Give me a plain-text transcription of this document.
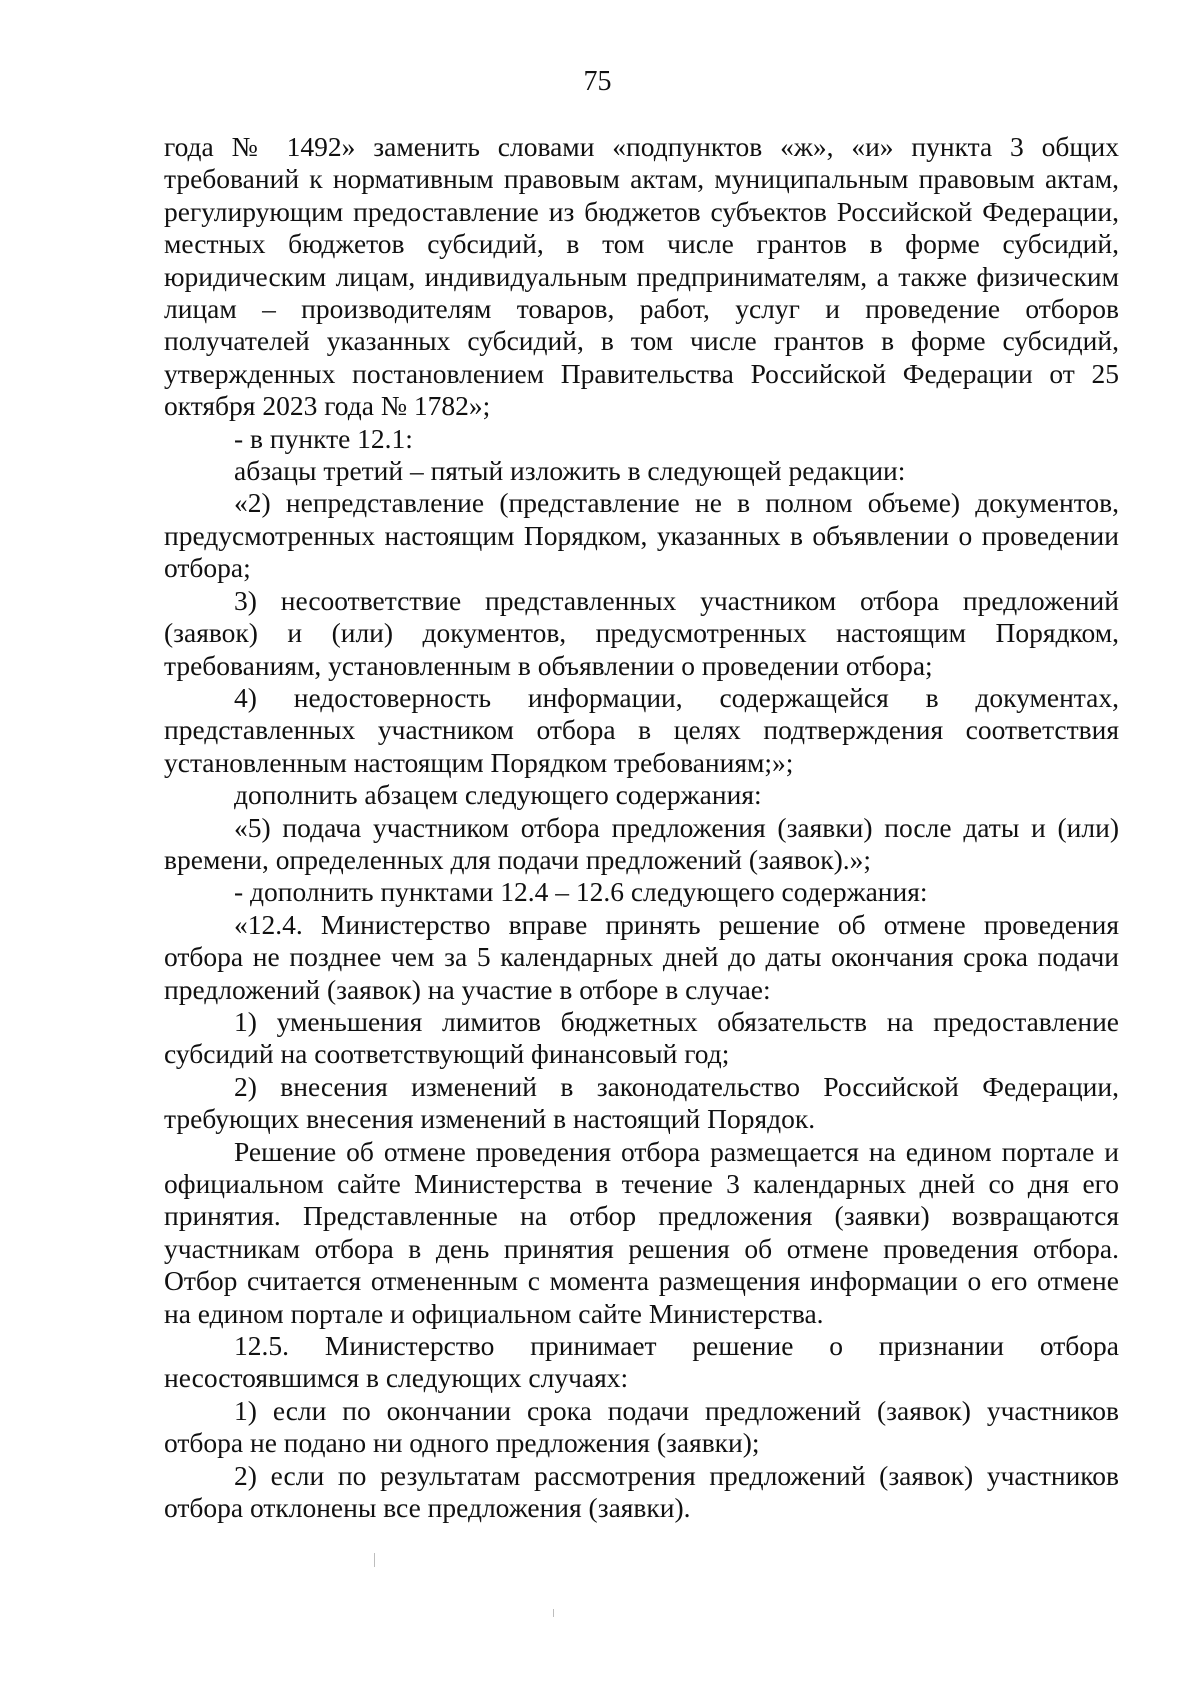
75

года № 1492» заменить словами «подпунктов «ж», «и» пункта 3 общих требований к нормативным правовым актам, муниципальным правовым актам, регулирующим предоставление из бюджетов субъектов Российской Федерации, местных бюджетов субсидий, в том числе грантов в форме субсидий, юридическим лицам, индивидуальным предпринимателям, а также физическим лицам – производителям товаров, работ, услуг и проведение отборов получателей указанных субсидий, в том числе грантов в форме субсидий, утвержденных постановлением Правительства Российской Федерации от 25 октября 2023 года № 1782»;

- в пункте 12.1:

абзацы третий – пятый изложить в следующей редакции:

«2) непредставление (представление не в полном объеме) документов, предусмотренных настоящим Порядком, указанных в объявлении о проведении отбора;

3) несоответствие представленных участником отбора предложений (заявок) и (или) документов, предусмотренных настоящим Порядком, требованиям, установленным в объявлении о проведении отбора;

4) недостоверность информации, содержащейся в документах, представленных участником отбора в целях подтверждения соответствия установленным настоящим Порядком требованиям;»;

дополнить абзацем следующего содержания:

«5) подача участником отбора предложения (заявки) после даты и (или) времени, определенных для подачи предложений (заявок).»;

- дополнить пунктами 12.4 – 12.6 следующего содержания:

«12.4. Министерство вправе принять решение об отмене проведения отбора не позднее чем за 5 календарных дней до даты окончания срока подачи предложений (заявок) на участие в отборе в случае:

1) уменьшения лимитов бюджетных обязательств на предоставление субсидий на соответствующий финансовый год;

2) внесения изменений в законодательство Российской Федерации, требующих внесения изменений в настоящий Порядок.

Решение об отмене проведения отбора размещается на едином портале и официальном сайте Министерства в течение 3 календарных дней со дня его принятия. Представленные на отбор предложения (заявки) возвращаются участникам отбора в день принятия решения об отмене проведения отбора. Отбор считается отмененным с момента размещения информации о его отмене на едином портале и официальном сайте Министерства.

12.5. Министерство принимает решение о признании отбора несостоявшимся в следующих случаях:

1) если по окончании срока подачи предложений (заявок) участников отбора не подано ни одного предложения (заявки);

2) если по результатам рассмотрения предложений (заявок) участников отбора отклонены все предложения (заявки).
